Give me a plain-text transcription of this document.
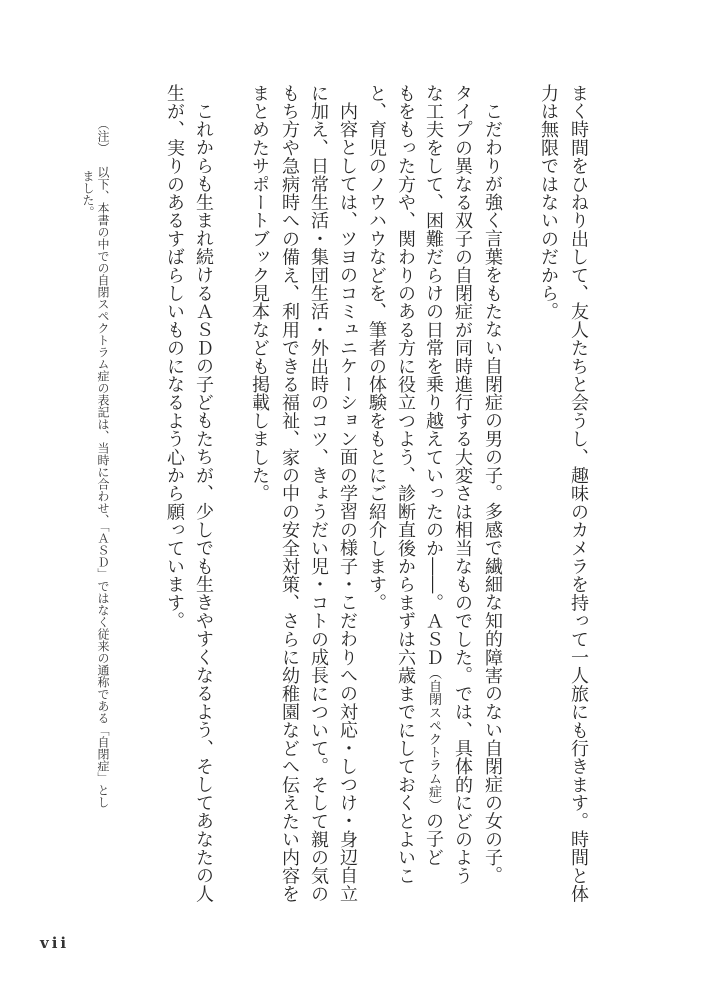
まく時間をひねり出して、友人たちと会うし、趣味のカメラを持って一人旅にも行きます。時間と体
力は無限ではないのだから。
こだわりが強く言葉をもたない自閉症の男の子。多感で繊細な知的障害のない自閉症の女の子。
タイプの異なる双子の自閉症が同時進行する大変さは相当なものでした。では、具体的にどのよう
な工夫をして、困難だらけの日常を乗り越えていったのか――。ＡＳＤ（自閉スペクトラム症）の子ど
もをもった方や、関わりのある方に役立つよう、診断直後からまずは六歳までにしておくとよいこ
と、育児のノウハウなどを、筆者の体験をもとにご紹介します。
内容としては、ツヨのコミュニケーション面の学習の様子・こだわりへの対応・しつけ・身辺自立
に加え、日常生活・集団生活・外出時のコツ、きょうだい児・コトの成長について。そして親の気の
もち方や急病時への備え、利用できる福祉、家の中の安全対策、さらに幼稚園などへ伝えたい内容を
まとめたサポートブック見本なども掲載しました。
これからも生まれ続けるＡＳＤの子どもたちが、少しでも生きやすくなるよう、そしてあなたの人
生が、実りのあるすばらしいものになるよう心から願っています。
（注）以下、本書の中での自閉スペクトラム症の表記は、当時に合わせ、「ＡＳＤ」ではなく従来の通称である「自閉症」とし
ました。
vii
